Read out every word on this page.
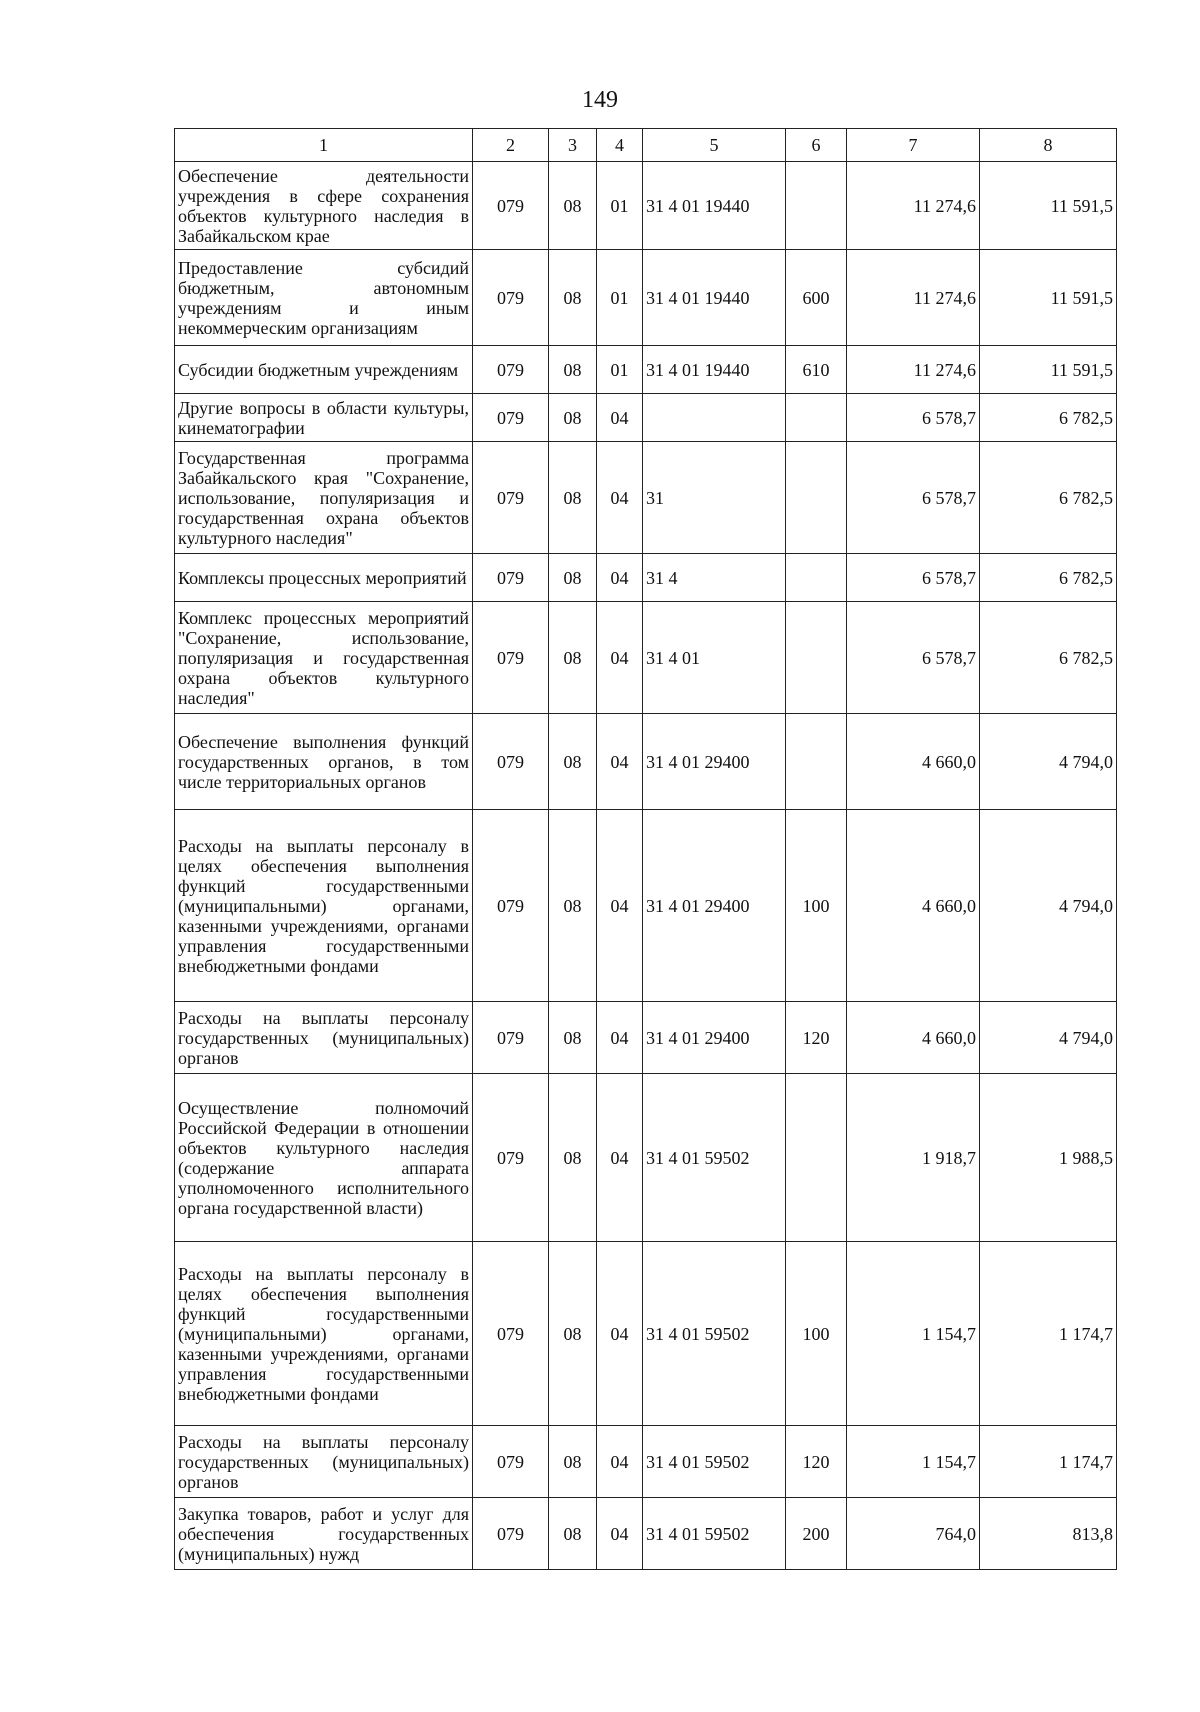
149
1	2	3	4	5	6	7	8
Обеспечение деятельности учреждения в сфере сохранения объектов культурного наследия в Забайкальском крае	079	08	01	31 4 01 19440		11 274,6	11 591,5
Предоставление субсидий бюджетным, автономным учреждениям и иным некоммерческим организациям	079	08	01	31 4 01 19440	600	11 274,6	11 591,5
Субсидии бюджетным учреждениям	079	08	01	31 4 01 19440	610	11 274,6	11 591,5
Другие вопросы в области культуры, кинематографии	079	08	04			6 578,7	6 782,5
Государственная программа Забайкальского края "Сохранение, использование, популяризация и государственная охрана объектов культурного наследия"	079	08	04	31		6 578,7	6 782,5
Комплексы процессных мероприятий	079	08	04	31 4		6 578,7	6 782,5
Комплекс процессных мероприятий "Сохранение, использование, популяризация и государственная охрана объектов культурного наследия"	079	08	04	31 4 01		6 578,7	6 782,5
Обеспечение выполнения функций государственных органов, в том числе территориальных органов	079	08	04	31 4 01 29400		4 660,0	4 794,0
Расходы на выплаты персоналу в целях обеспечения выполнения функций государственными (муниципальными) органами, казенными учреждениями, органами управления государственными внебюджетными фондами	079	08	04	31 4 01 29400	100	4 660,0	4 794,0
Расходы на выплаты персоналу государственных (муниципальных) органов	079	08	04	31 4 01 29400	120	4 660,0	4 794,0
Осуществление полномочий Российской Федерации в отношении объектов культурного наследия (содержание аппарата уполномоченного исполнительного органа государственной власти)	079	08	04	31 4 01 59502		1 918,7	1 988,5
Расходы на выплаты персоналу в целях обеспечения выполнения функций государственными (муниципальными) органами, казенными учреждениями, органами управления государственными внебюджетными фондами	079	08	04	31 4 01 59502	100	1 154,7	1 174,7
Расходы на выплаты персоналу государственных (муниципальных) органов	079	08	04	31 4 01 59502	120	1 154,7	1 174,7
Закупка товаров, работ и услуг для обеспечения государственных (муниципальных) нужд	079	08	04	31 4 01 59502	200	764,0	813,8
